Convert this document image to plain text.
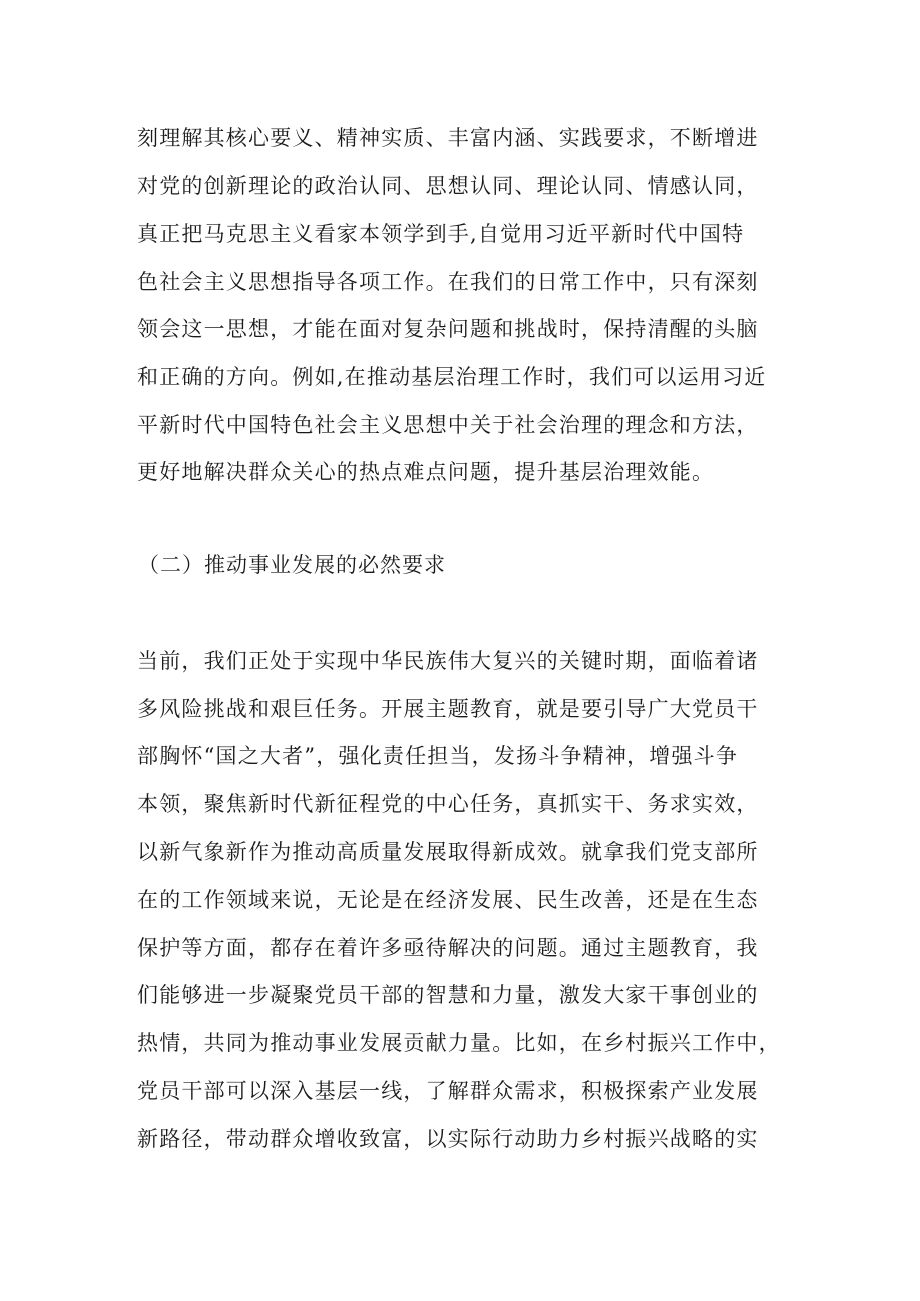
刻理解其核心要义、精神实质、丰富内涵、实践要求，不断增进
对党的创新理论的政治认同、思想认同、理论认同、情感认同，
真正把马克思主义看家本领学到手,自觉用习近平新时代中国特
色社会主义思想指导各项工作。在我们的日常工作中，只有深刻
领会这一思想，才能在面对复杂问题和挑战时，保持清醒的头脑
和正确的方向。例如,在推动基层治理工作时，我们可以运用习近
平新时代中国特色社会主义思想中关于社会治理的理念和方法，
更好地解决群众关心的热点难点问题，提升基层治理效能。
（二）推动事业发展的必然要求
当前，我们正处于实现中华民族伟大复兴的关键时期，面临着诸
多风险挑战和艰巨任务。开展主题教育，就是要引导广大党员干
部胸怀“国之大者”，强化责任担当，发扬斗争精神，增强斗争
本领，聚焦新时代新征程党的中心任务，真抓实干、务求实效，
以新气象新作为推动高质量发展取得新成效。就拿我们党支部所
在的工作领域来说，无论是在经济发展、民生改善，还是在生态
保护等方面，都存在着许多亟待解决的问题。通过主题教育，我
们能够进一步凝聚党员干部的智慧和力量，激发大家干事创业的
热情，共同为推动事业发展贡献力量。比如，在乡村振兴工作中，
党员干部可以深入基层一线，了解群众需求，积极探索产业发展
新路径，带动群众增收致富，以实际行动助力乡村振兴战略的实
